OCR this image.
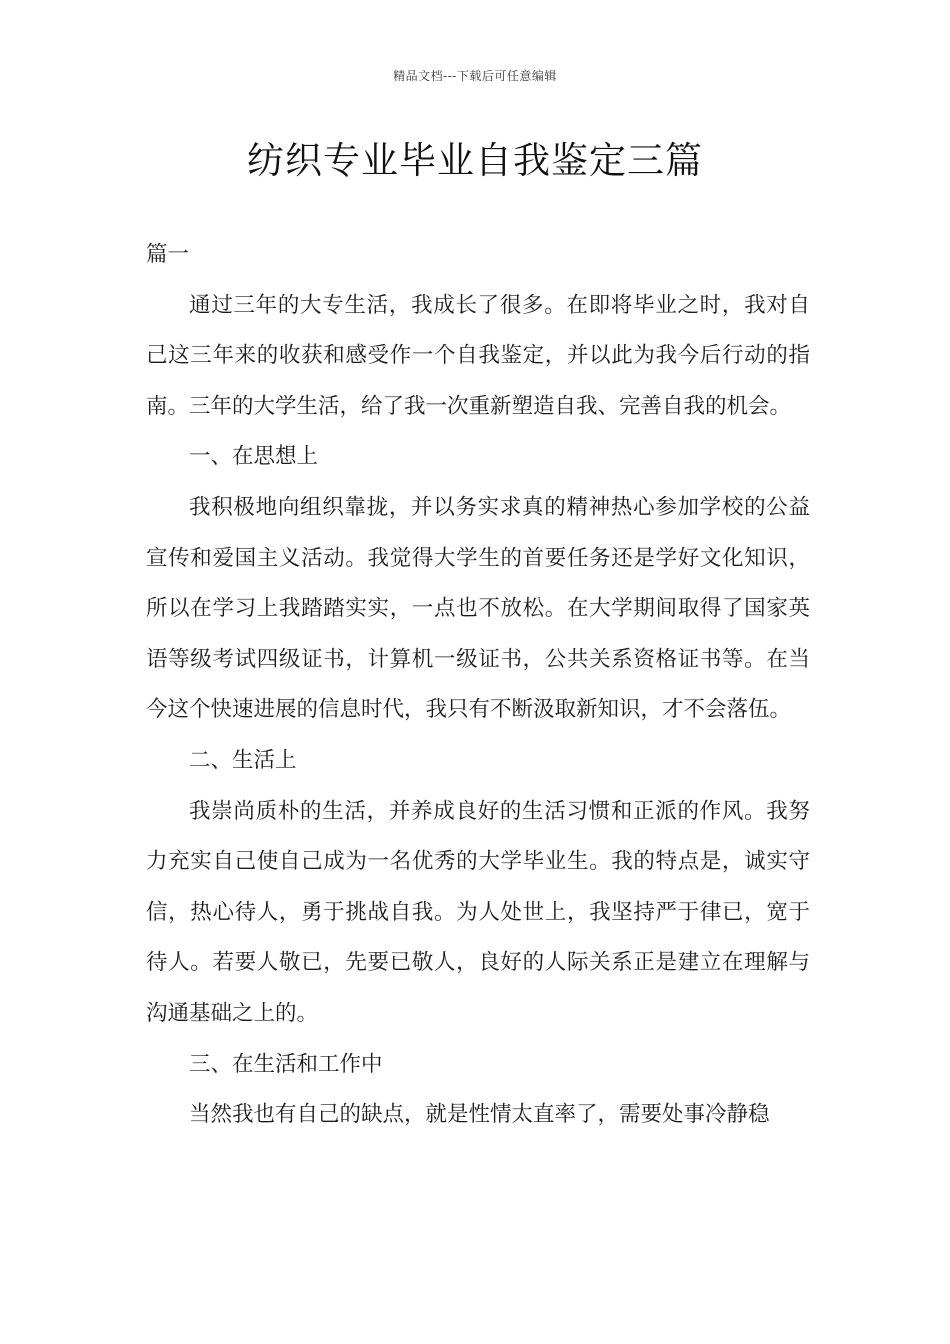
精品文档---下载后可任意编辑
纺织专业毕业自我鉴定三篇

篇一

通过三年的大专生活，我成长了很多。在即将毕业之时，我对自己这三年来的收获和感受作一个自我鉴定，并以此为我今后行动的指南。三年的大学生活，给了我一次重新塑造自我、完善自我的机会。

一、在思想上

我积极地向组织靠拢，并以务实求真的精神热心参加学校的公益宣传和爱国主义活动。我觉得大学生的首要任务还是学好文化知识，所以在学习上我踏踏实实，一点也不放松。在大学期间取得了国家英语等级考试四级证书，计算机一级证书，公共关系资格证书等。在当今这个快速进展的信息时代，我只有不断汲取新知识，才不会落伍。

二、生活上

我崇尚质朴的生活，并养成良好的生活习惯和正派的作风。我努力充实自己使自己成为一名优秀的大学毕业生。我的特点是，诚实守信，热心待人，勇于挑战自我。为人处世上，我坚持严于律已，宽于待人。若要人敬已，先要已敬人，良好的人际关系正是建立在理解与沟通基础之上的。

三、在生活和工作中

当然我也有自己的缺点，就是性情太直率了，需要处事冷静稳
